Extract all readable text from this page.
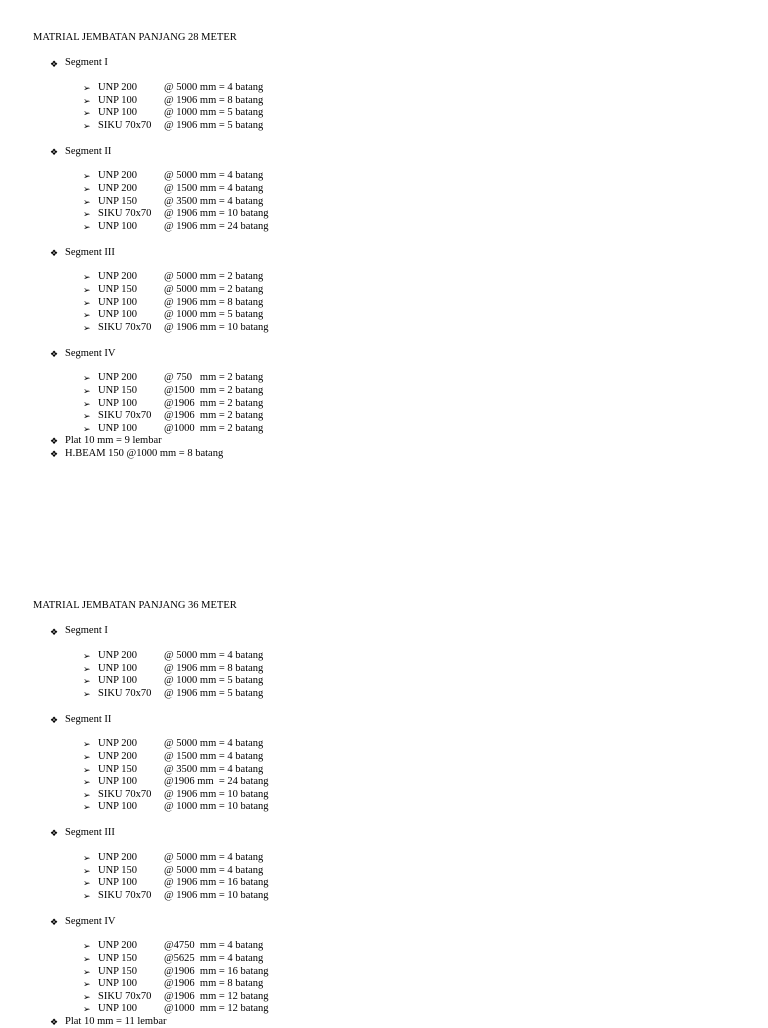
MATRIAL JEMBATAN PANJANG 28 METER
❖ Segment I
➢ UNP 200	@ 5000 mm = 4 batang
➢ UNP 100	@ 1906 mm = 8 batang
➢ UNP 100	@ 1000 mm = 5 batang
➢ SIKU 70x70	@ 1906 mm = 5 batang
❖ Segment II
➢ UNP 200	@ 5000 mm = 4 batang
➢ UNP 200	@ 1500 mm = 4 batang
➢ UNP 150	@ 3500 mm = 4 batang
➢ SIKU 70x70	@ 1906 mm = 10 batang
➢ UNP 100	@ 1906 mm = 24 batang
❖ Segment III
➢ UNP 200	@ 5000 mm = 2 batang
➢ UNP 150	@ 5000 mm = 2 batang
➢ UNP 100	@ 1906 mm = 8 batang
➢ UNP 100	@ 1000 mm = 5 batang
➢ SIKU 70x70	@ 1906 mm = 10 batang
❖ Segment IV
➢ UNP 200	@ 750   mm = 2 batang
➢ UNP 150	@1500  mm = 2 batang
➢ UNP 100	@1906  mm = 2 batang
➢ SIKU 70x70	@1906  mm = 2 batang
➢ UNP 100	@1000  mm = 2 batang
❖ Plat 10 mm = 9 lembar
❖ H.BEAM 150 @1000 mm = 8 batang
MATRIAL JEMBATAN PANJANG 36 METER
❖ Segment I
➢ UNP 200	@ 5000 mm = 4 batang
➢ UNP 100	@ 1906 mm = 8 batang
➢ UNP 100	@ 1000 mm = 5 batang
➢ SIKU 70x70	@ 1906 mm = 5 batang
❖ Segment II
➢ UNP 200	@ 5000 mm = 4 batang
➢ UNP 200	@ 1500 mm = 4 batang
➢ UNP 150	@ 3500 mm = 4 batang
➢ UNP 100	@1906 mm  = 24 batang
➢ SIKU 70x70	@ 1906 mm = 10 batang
➢ UNP 100	@ 1000 mm = 10 batang
❖ Segment III
➢ UNP 200	@ 5000 mm = 4 batang
➢ UNP 150	@ 5000 mm = 4 batang
➢ UNP 100	@ 1906 mm = 16 batang
➢ SIKU 70x70	@ 1906 mm = 10 batang
❖ Segment IV
➢ UNP 200	@4750  mm = 4 batang
➢ UNP 150	@5625  mm = 4 batang
➢ UNP 150	@1906  mm = 16 batang
➢ UNP 100	@1906  mm = 8 batang
➢ SIKU 70x70	@1906  mm = 12 batang
➢ UNP 100	@1000  mm = 12 batang
❖ Plat 10 mm = 11 lembar
